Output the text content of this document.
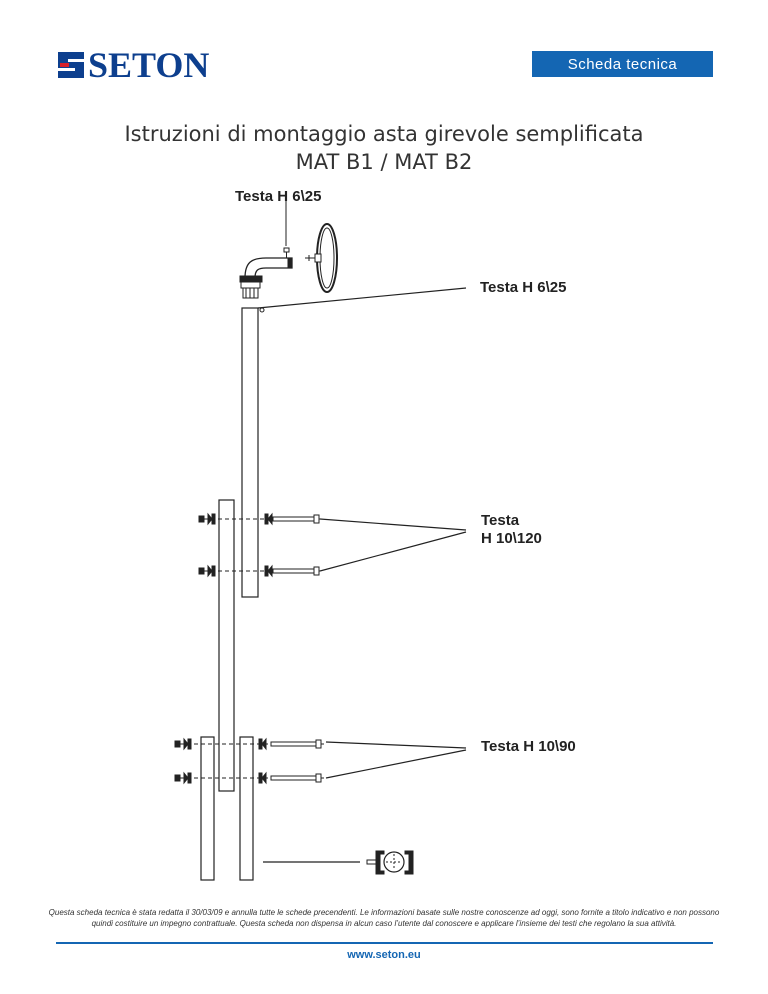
SETON	Scheda tecnica
Istruzioni di montaggio asta girevole semplificata
MAT B1 / MAT B2
Testa H 6\25
Testa H 6\25
Testa
H 10\120
Testa H 10\90
Questa scheda tecnica è stata redatta il 30/03/09 e annulla tutte le schede precendenti. Le informazioni basate sulle nostre conoscenze ad oggi, sono fornite a titolo indicativo e non possono quindi costituire un impegno contrattuale. Questa scheda non dispensa in alcun caso l’utente dal conoscere e applicare l’insieme dei testi che regolano la sua attività.
www.seton.eu
